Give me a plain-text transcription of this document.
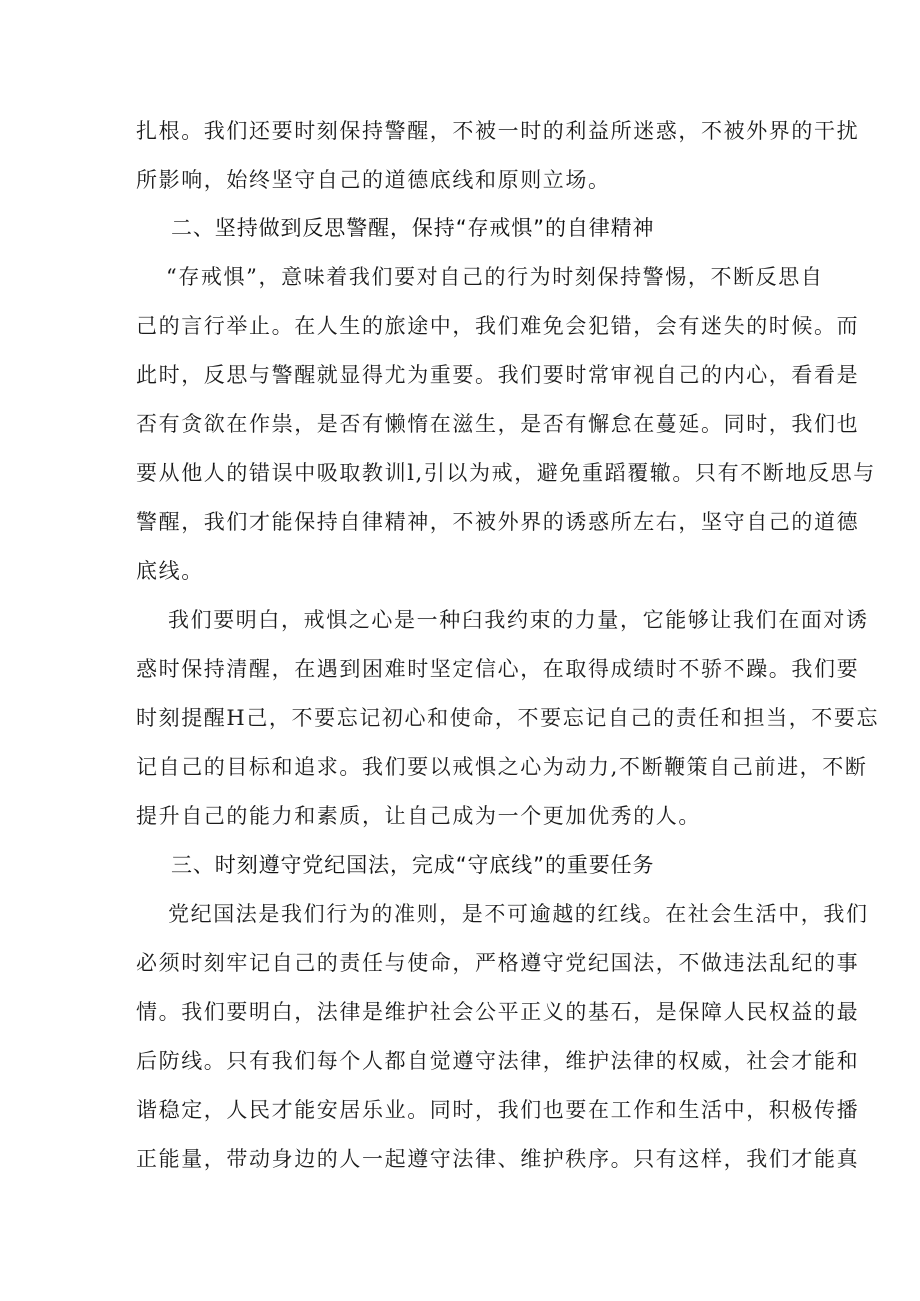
扎根。我们还要时刻保持警醒，不被一时的利益所迷惑，不被外界的干扰
所影响，始终坚守自己的道德底线和原则立场。
二、坚持做到反思警醒，保持“存戒惧”的自律精神
“存戒惧”，意味着我们要对自己的行为时刻保持警惕，不断反思自
己的言行举止。在人生的旅途中，我们难免会犯错，会有迷失的时候。而
此时，反思与警醒就显得尤为重要。我们要时常审视自己的内心，看看是
否有贪欲在作祟，是否有懒惰在滋生，是否有懈怠在蔓延。同时，我们也
要从他人的错误中吸取教训l,引以为戒，避免重蹈覆辙。只有不断地反思与
警醒，我们才能保持自律精神，不被外界的诱惑所左右，坚守自己的道德
底线。
我们要明白，戒惧之心是一种臼我约束的力量，它能够让我们在面对诱
惑时保持清醒，在遇到困难时坚定信心，在取得成绩时不骄不躁。我们要
时刻提醒H己，不要忘记初心和使命，不要忘记自己的责任和担当，不要忘
记自己的目标和追求。我们要以戒惧之心为动力,不断鞭策自己前进，不断
提升自己的能力和素质，让自己成为一个更加优秀的人。
三、时刻遵守党纪国法，完成“守底线”的重要任务
党纪国法是我们行为的准则，是不可逾越的红线。在社会生活中，我们
必须时刻牢记自己的责任与使命，严格遵守党纪国法，不做违法乱纪的事
情。我们要明白，法律是维护社会公平正义的基石，是保障人民权益的最
后防线。只有我们每个人都自觉遵守法律，维护法律的权威，社会才能和
谐稳定，人民才能安居乐业。同时，我们也要在工作和生活中，积极传播
正能量，带动身边的人一起遵守法律、维护秩序。只有这样，我们才能真
